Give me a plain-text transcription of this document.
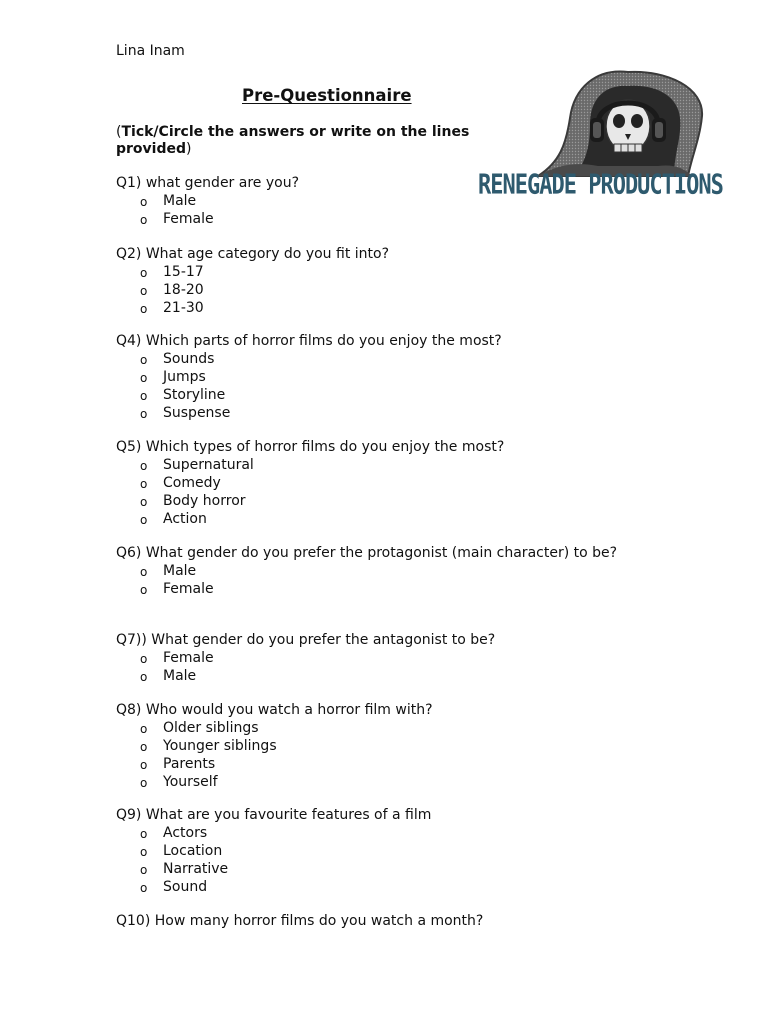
Lina Inam
Pre-Questionnaire
(Tick/Circle the answers or write on the lines provided)
RENEGADE PRODUCTIONS

Q1) what gender are you?

o Male
o Female

Q2) What age category do you fit into?

o 15-17
o 18-20
o 21-30

Q4) Which parts of horror films do you enjoy the most?

o Sounds
o Jumps
o Storyline
o Suspense

Q5) Which types of horror films do you enjoy the most?

o Supernatural
o Comedy
o Body horror
o Action

Q6) What gender do you prefer the protagonist (main character) to be?

o Male
o Female

Q7)) What gender do you prefer the antagonist to be?

o Female
o Male

Q8) Who would you watch a horror film with?

o Older siblings
o Younger siblings
o Parents
o Yourself

Q9) What are you favourite features of a film

o Actors
o Location
o Narrative
o Sound

Q10) How many horror films do you watch a month?
